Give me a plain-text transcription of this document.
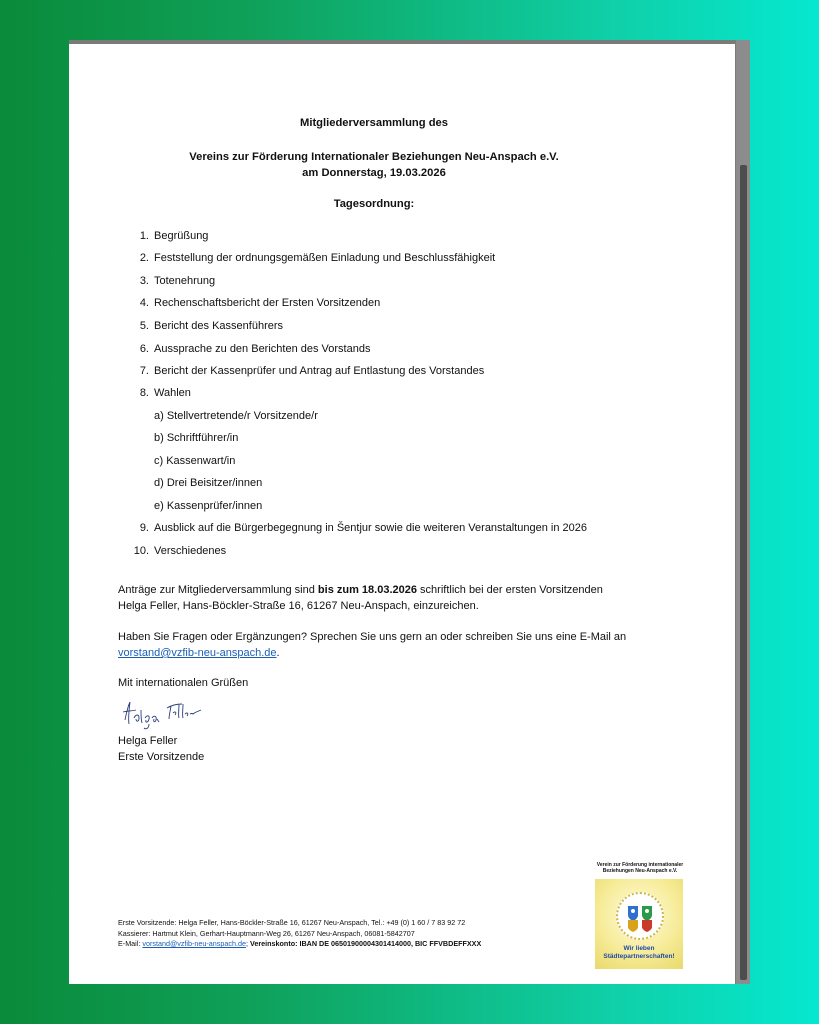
Mitgliederversammlung des
Vereins zur Förderung Internationaler Beziehungen Neu-Anspach e.V.
am Donnerstag, 19.03.2026
Tagesordnung:
1. Begrüßung
2. Feststellung der ordnungsgemäßen Einladung und Beschlussfähigkeit
3. Totenehrung
4. Rechenschaftsbericht der Ersten Vorsitzenden
5. Bericht des Kassenführers
6. Aussprache zu den Berichten des Vorstands
7. Bericht der Kassenprüfer und Antrag auf Entlastung des Vorstandes
8. Wahlen
9. Ausblick auf die Bürgerbegegnung in Šentjur sowie die weiteren Veranstaltungen in 2026
10. Verschiedenes
a) Stellvertretende/r Vorsitzende/r
b) Schriftführer/in
c) Kassenwart/in
d) Drei Beisitzer/innen
e) Kassenprüfer/innen
Anträge zur Mitgliederversammlung sind bis zum 18.03.2026 schriftlich bei der ersten Vorsitzenden
Helga Feller, Hans-Böckler-Straße 16, 61267 Neu-Anspach, einzureichen.
Haben Sie Fragen oder Ergänzungen? Sprechen Sie uns gern an oder schreiben Sie uns eine E-Mail an
vorstand@vzfib-neu-anspach.de.
Mit internationalen Grüßen
Helga Feller
Erste Vorsitzende
Erste Vorsitzende: Helga Feller, Hans-Böckler-Straße 16, 61267 Neu-Anspach, Tel.: +49 (0) 1 60 / 7 83 92 72
Kassierer: Hartmut Klein, Gerhart-Hauptmann-Weg 26, 61267 Neu-Anspach, 06081-5842707
E-Mail: vorstand@vzfib-neu-anspach.de; Vereinskonto: IBAN DE 06501900004301414000, BIC FFVBDEFFXXX
Verein zur Förderung internationaler
Beziehungen Neu-Anspach e.V.
Wir lieben
Städtepartnerschaften!
